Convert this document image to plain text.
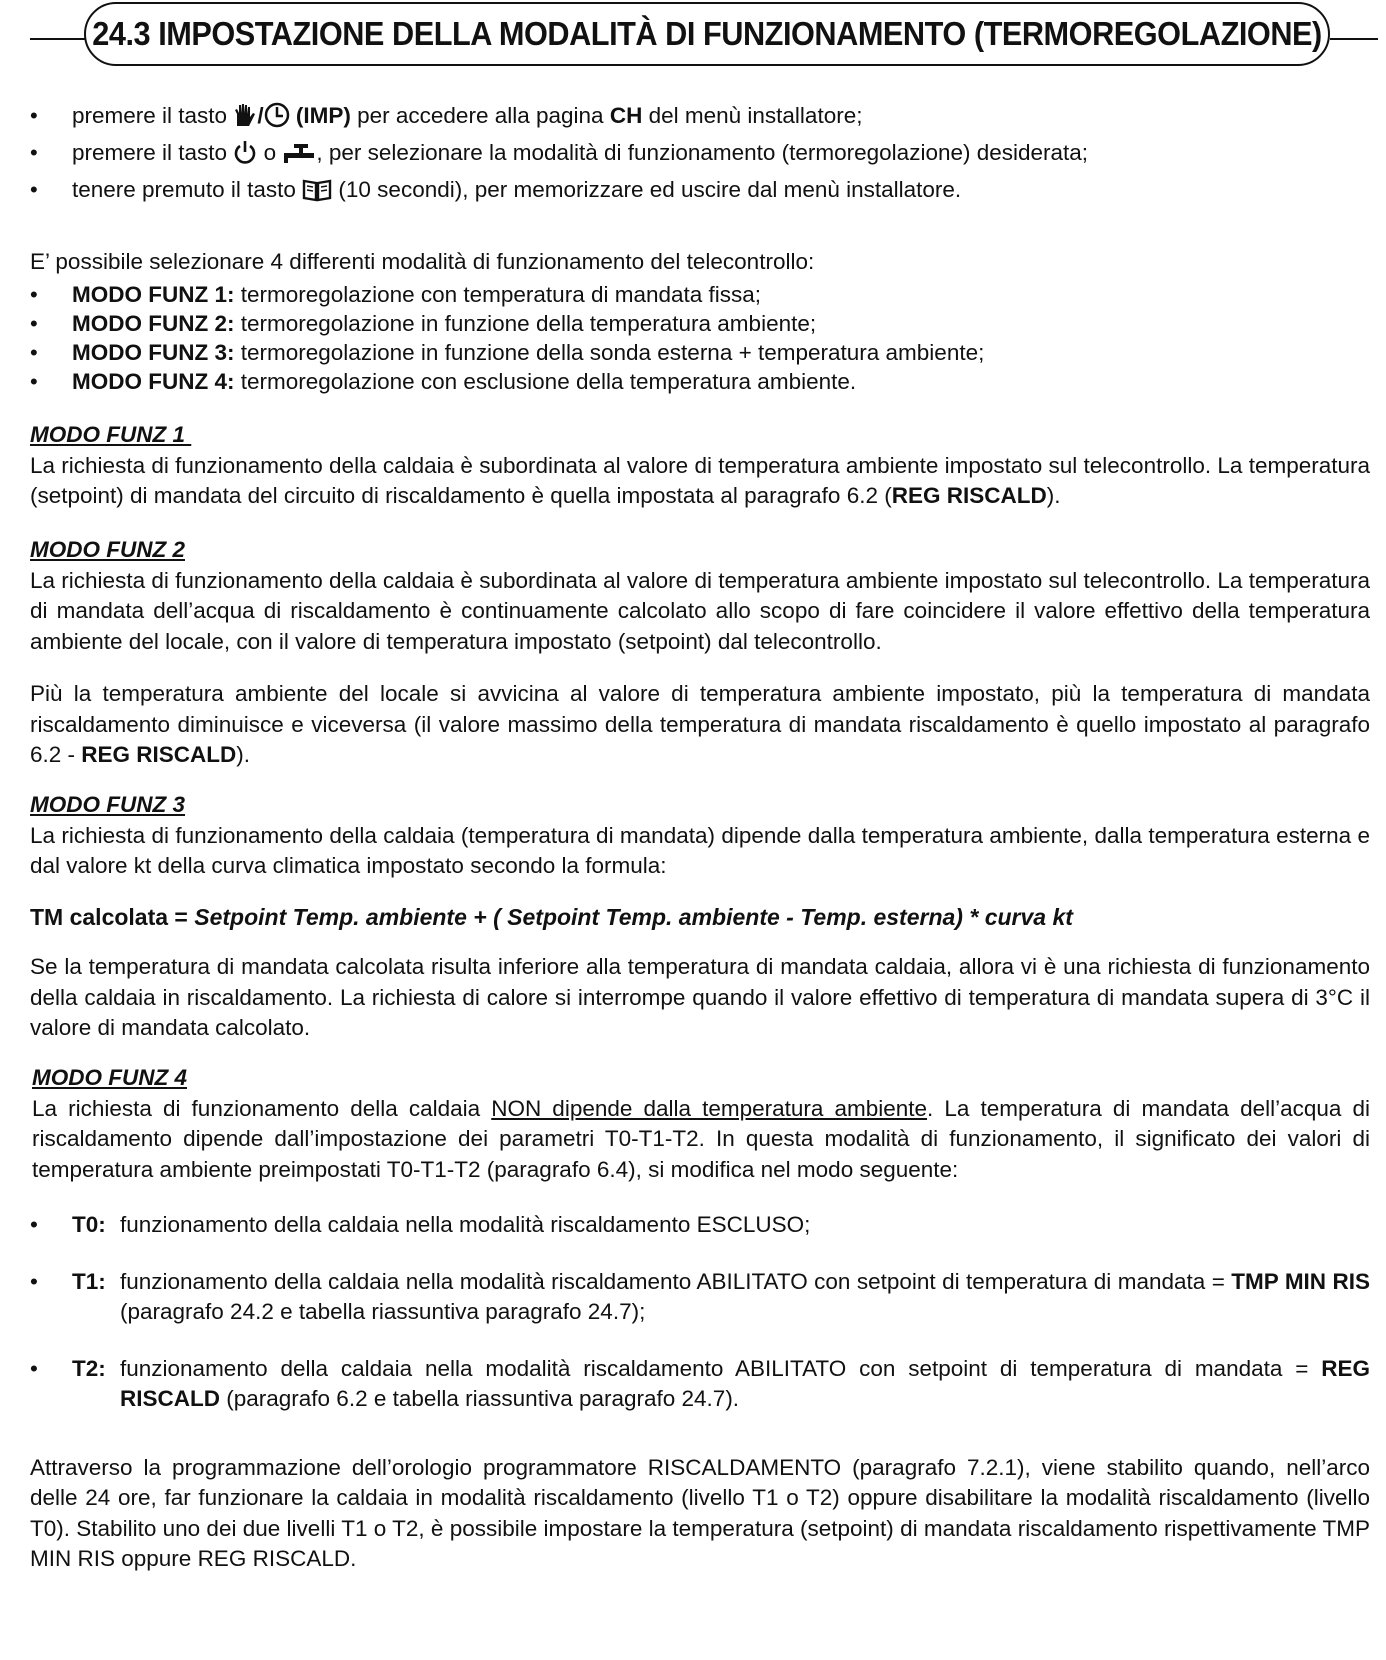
24.3 IMPOSTAZIONE DELLA MODALITÀ DI FUNZIONAMENTO (TERMOREGOLAZIONE)
• premere il tasto / (IMP) per accedere alla pagina CH del menù installatore;
• premere il tasto o , per selezionare la modalità di funzionamento (termoregolazione) desiderata;
• tenere premuto il tasto (10 secondi), per memorizzare ed uscire dal menù installatore.

E’ possibile selezionare 4 differenti modalità di funzionamento del telecontrollo:

• MODO FUNZ 1: termoregolazione con temperatura di mandata fissa;
• MODO FUNZ 2: termoregolazione in funzione della temperatura ambiente;
• MODO FUNZ 3: termoregolazione in funzione della sonda esterna + temperatura ambiente;
• MODO FUNZ 4: termoregolazione con esclusione della temperatura ambiente.
MODO FUNZ 1

La richiesta di funzionamento della caldaia è subordinata al valore di temperatura ambiente impostato sul telecontrollo. La temperatura (setpoint) di mandata del circuito di riscaldamento è quella impostata al paragrafo 6.2 (REG RISCALD).

MODO FUNZ 2

La richiesta di funzionamento della caldaia è subordinata al valore di temperatura ambiente impostato sul telecontrollo. La temperatura di mandata dell’acqua di riscaldamento è continuamente calcolato allo scopo di fare coincidere il valore effettivo della temperatura ambiente del locale, con il valore di temperatura impostato (setpoint) dal telecontrollo.

Più la temperatura ambiente del locale si avvicina al valore di temperatura ambiente impostato, più la temperatura di mandata riscaldamento diminuisce e viceversa (il valore massimo della temperatura di mandata riscaldamento è quello impostato al paragrafo 6.2 - REG RISCALD).

MODO FUNZ 3

La richiesta di funzionamento della caldaia (temperatura di mandata) dipende dalla temperatura ambiente, dalla temperatura esterna e dal valore kt della curva climatica impostato secondo la formula:

TM calcolata = Setpoint Temp. ambiente + ( Setpoint Temp. ambiente - Temp. esterna) * curva kt

Se la temperatura di mandata calcolata risulta inferiore alla temperatura di mandata caldaia, allora vi è una richiesta di funzionamento della caldaia in riscaldamento. La richiesta di calore si interrompe quando il valore effettivo di temperatura di mandata supera di 3°C il valore di mandata calcolato.

MODO FUNZ 4

La richiesta di funzionamento della caldaia NON dipende dalla temperatura ambiente. La temperatura di mandata dell’acqua di riscaldamento dipende dall’impostazione dei parametri T0-T1-T2. In questa modalità di funzionamento, il significato dei valori di temperatura ambiente preimpostati T0-T1-T2 (paragrafo 6.4), si modifica nel modo seguente:

• T0: funzionamento della caldaia nella modalità riscaldamento ESCLUSO;
• T1: funzionamento della caldaia nella modalità riscaldamento ABILITATO con setpoint di temperatura di mandata = TMP MIN RIS (paragrafo 24.2 e tabella riassuntiva paragrafo 24.7);
• T2: funzionamento della caldaia nella modalità riscaldamento ABILITATO con setpoint di temperatura di mandata = REG RISCALD (paragrafo 6.2 e tabella riassuntiva paragrafo 24.7).

Attraverso la programmazione dell’orologio programmatore RISCALDAMENTO (paragrafo 7.2.1), viene stabilito quando, nell’arco delle 24 ore, far funzionare la caldaia in modalità riscaldamento (livello T1 o T2) oppure disabilitare la modalità riscaldamento (livello T0). Stabilito uno dei due livelli T1 o T2, è possibile impostare la temperatura (setpoint) di mandata riscaldamento rispettivamente TMP MIN RIS oppure REG RISCALD.
